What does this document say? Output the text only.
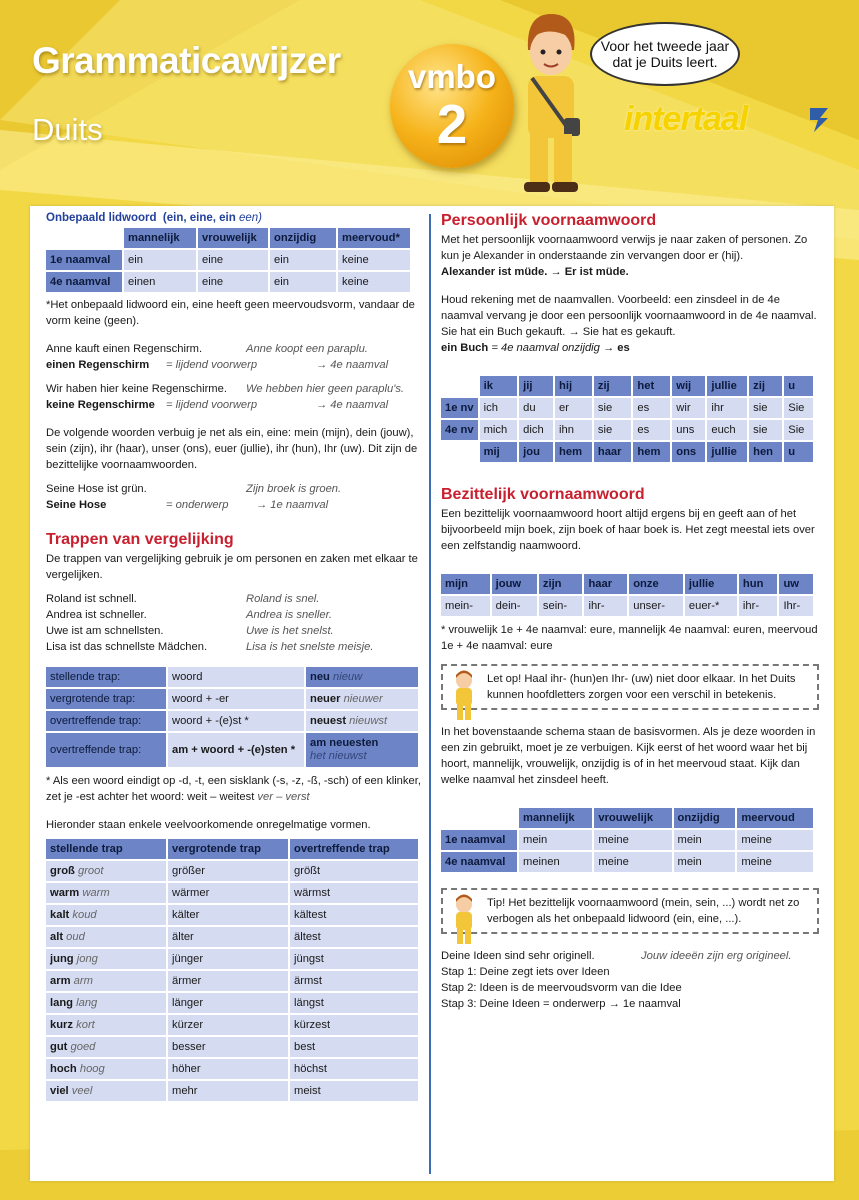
Grammaticawijzer
Duits
vmbo
2
Voor het tweede jaar dat je Duits leert.
intertaal
Onbepaald lidwoord (ein, eine, ein een)
	mannelijk	vrouwelijk	onzijdig	meervoud*
1e naamval	ein	eine	ein	keine
4e naamval	einen	eine	ein	keine

*Het onbepaald lidwoord ein, eine heeft geen meervoudsvorm, vandaar de vorm keine (geen).

Anne kauft einen Regenschirm.	Anne koopt een paraplu.

einen Regenschirm	= lijdend voorwerp	→ 4e naamval

Wir haben hier keine Regenschirme.	We hebben hier geen paraplu's.

keine Regenschirme = lijdend voorwerp	→ 4e naamval

De volgende woorden verbuig je net als ein, eine: mein (mijn), dein (jouw), sein (zijn), ihr (haar), unser (ons), euer (jullie), ihr (hun), Ihr (uw). Dit zijn de bezittelijke voornaamwoorden.

Seine Hose ist grün.	Zijn broek is groen.

Seine Hose	= onderwerp	→ 1e naamval

Trappen van vergelijking

De trappen van vergelijking gebruik je om personen en zaken met elkaar te vergelijken.

Roland ist schnell.	Roland is snel.

Andrea ist schneller.	Andrea is sneller.

Uwe ist am schnellsten.	Uwe is het snelst.

Lisa ist das schnellste Mädchen.	Lisa is het snelste meisje.

stellende trap:	woord	neu nieuw
vergrotende trap:	woord + -er	neuer nieuwer
overtreffende trap:	woord + -(e)st *	neuest nieuwst
overtreffende trap:	am + woord + -(e)sten *	am neuesten
het nieuwst

* Als een woord eindigt op -d, -t, een sisklank (-s, -z, -ß, -sch) of een klinker, zet je -est achter het woord: weit – weitest ver – verst

Hieronder staan enkele veelvoorkomende onregelmatige vormen.

stellende trap	vergrotende trap	overtreffende trap
groß groot	größer	größt
warm warm	wärmer	wärmst
kalt koud	kälter	kältest
alt oud	älter	ältest
jung jong	jünger	jüngst
arm arm	ärmer	ärmst
lang lang	länger	längst
kurz kort	kürzer	kürzest
gut goed	besser	best
hoch hoog	höher	höchst
viel veel	mehr	meist
Persoonlijk voornaamwoord

Met het persoonlijk voornaamwoord verwijs je naar zaken of personen. Zo kun je Alexander in onderstaande zin vervangen door er (hij).

Alexander ist müde. → Er ist müde.

Houd rekening met de naamvallen. Voorbeeld: een zinsdeel in de 4e naamval vervang je door een persoonlijk voornaamwoord in de 4e naamval.

Sie hat ein Buch gekauft. → Sie hat es gekauft.

ein Buch = 4e naamval onzijdig → es

	ik	jij	hij	zij	het	wij	jullie	zij	u
1e nv	ich	du	er	sie	es	wir	ihr	sie	Sie
4e nv	mich	dich	ihn	sie	es	uns	euch	sie	Sie
	mij	jou	hem	haar	hem	ons	jullie	hen	u
Bezittelijk voornaamwoord

Een bezittelijk voornaamwoord hoort altijd ergens bij en geeft aan of het bijvoorbeeld mijn boek, zijn boek of haar boek is. Het zegt meestal iets over een zelfstandig naamwoord.

mijn	jouw	zijn	haar	onze	jullie	hun	uw
mein-	dein-	sein-	ihr-	unser-	euer-*	ihr-	Ihr-

* vrouwelijk 1e + 4e naamval: eure, mannelijk 4e naamval: euren, meervoud 1e + 4e naamval: eure

Let op! Haal ihr- (hun)en Ihr- (uw) niet door elkaar. In het Duits kunnen hoofdletters zorgen voor een verschil in betekenis.

In het bovenstaande schema staan de basisvormen. Als je deze woorden in een zin gebruikt, moet je ze verbuigen. Kijk eerst of het woord waar het bij hoort, mannelijk, vrouwelijk, onzijdig is of in het meervoud staat. Kijk dan welke naamval het zinsdeel heeft.

	mannelijk	vrouwelijk	onzijdig	meervoud
1e naamval	mein	meine	mein	meine
4e naamval	meinen	meine	mein	meine

Tip! Het bezittelijk voornaamwoord (mein, sein, ...) wordt net zo verbogen als het onbepaald lidwoord (ein, eine, ...).

Deine Ideen sind sehr originell.	Jouw ideeën zijn erg origineel.

Stap 1: Deine zegt iets over Ideen

Stap 2: Ideen is de meervoudsvorm van die Idee

Stap 3: Deine Ideen = onderwerp → 1e naamval
